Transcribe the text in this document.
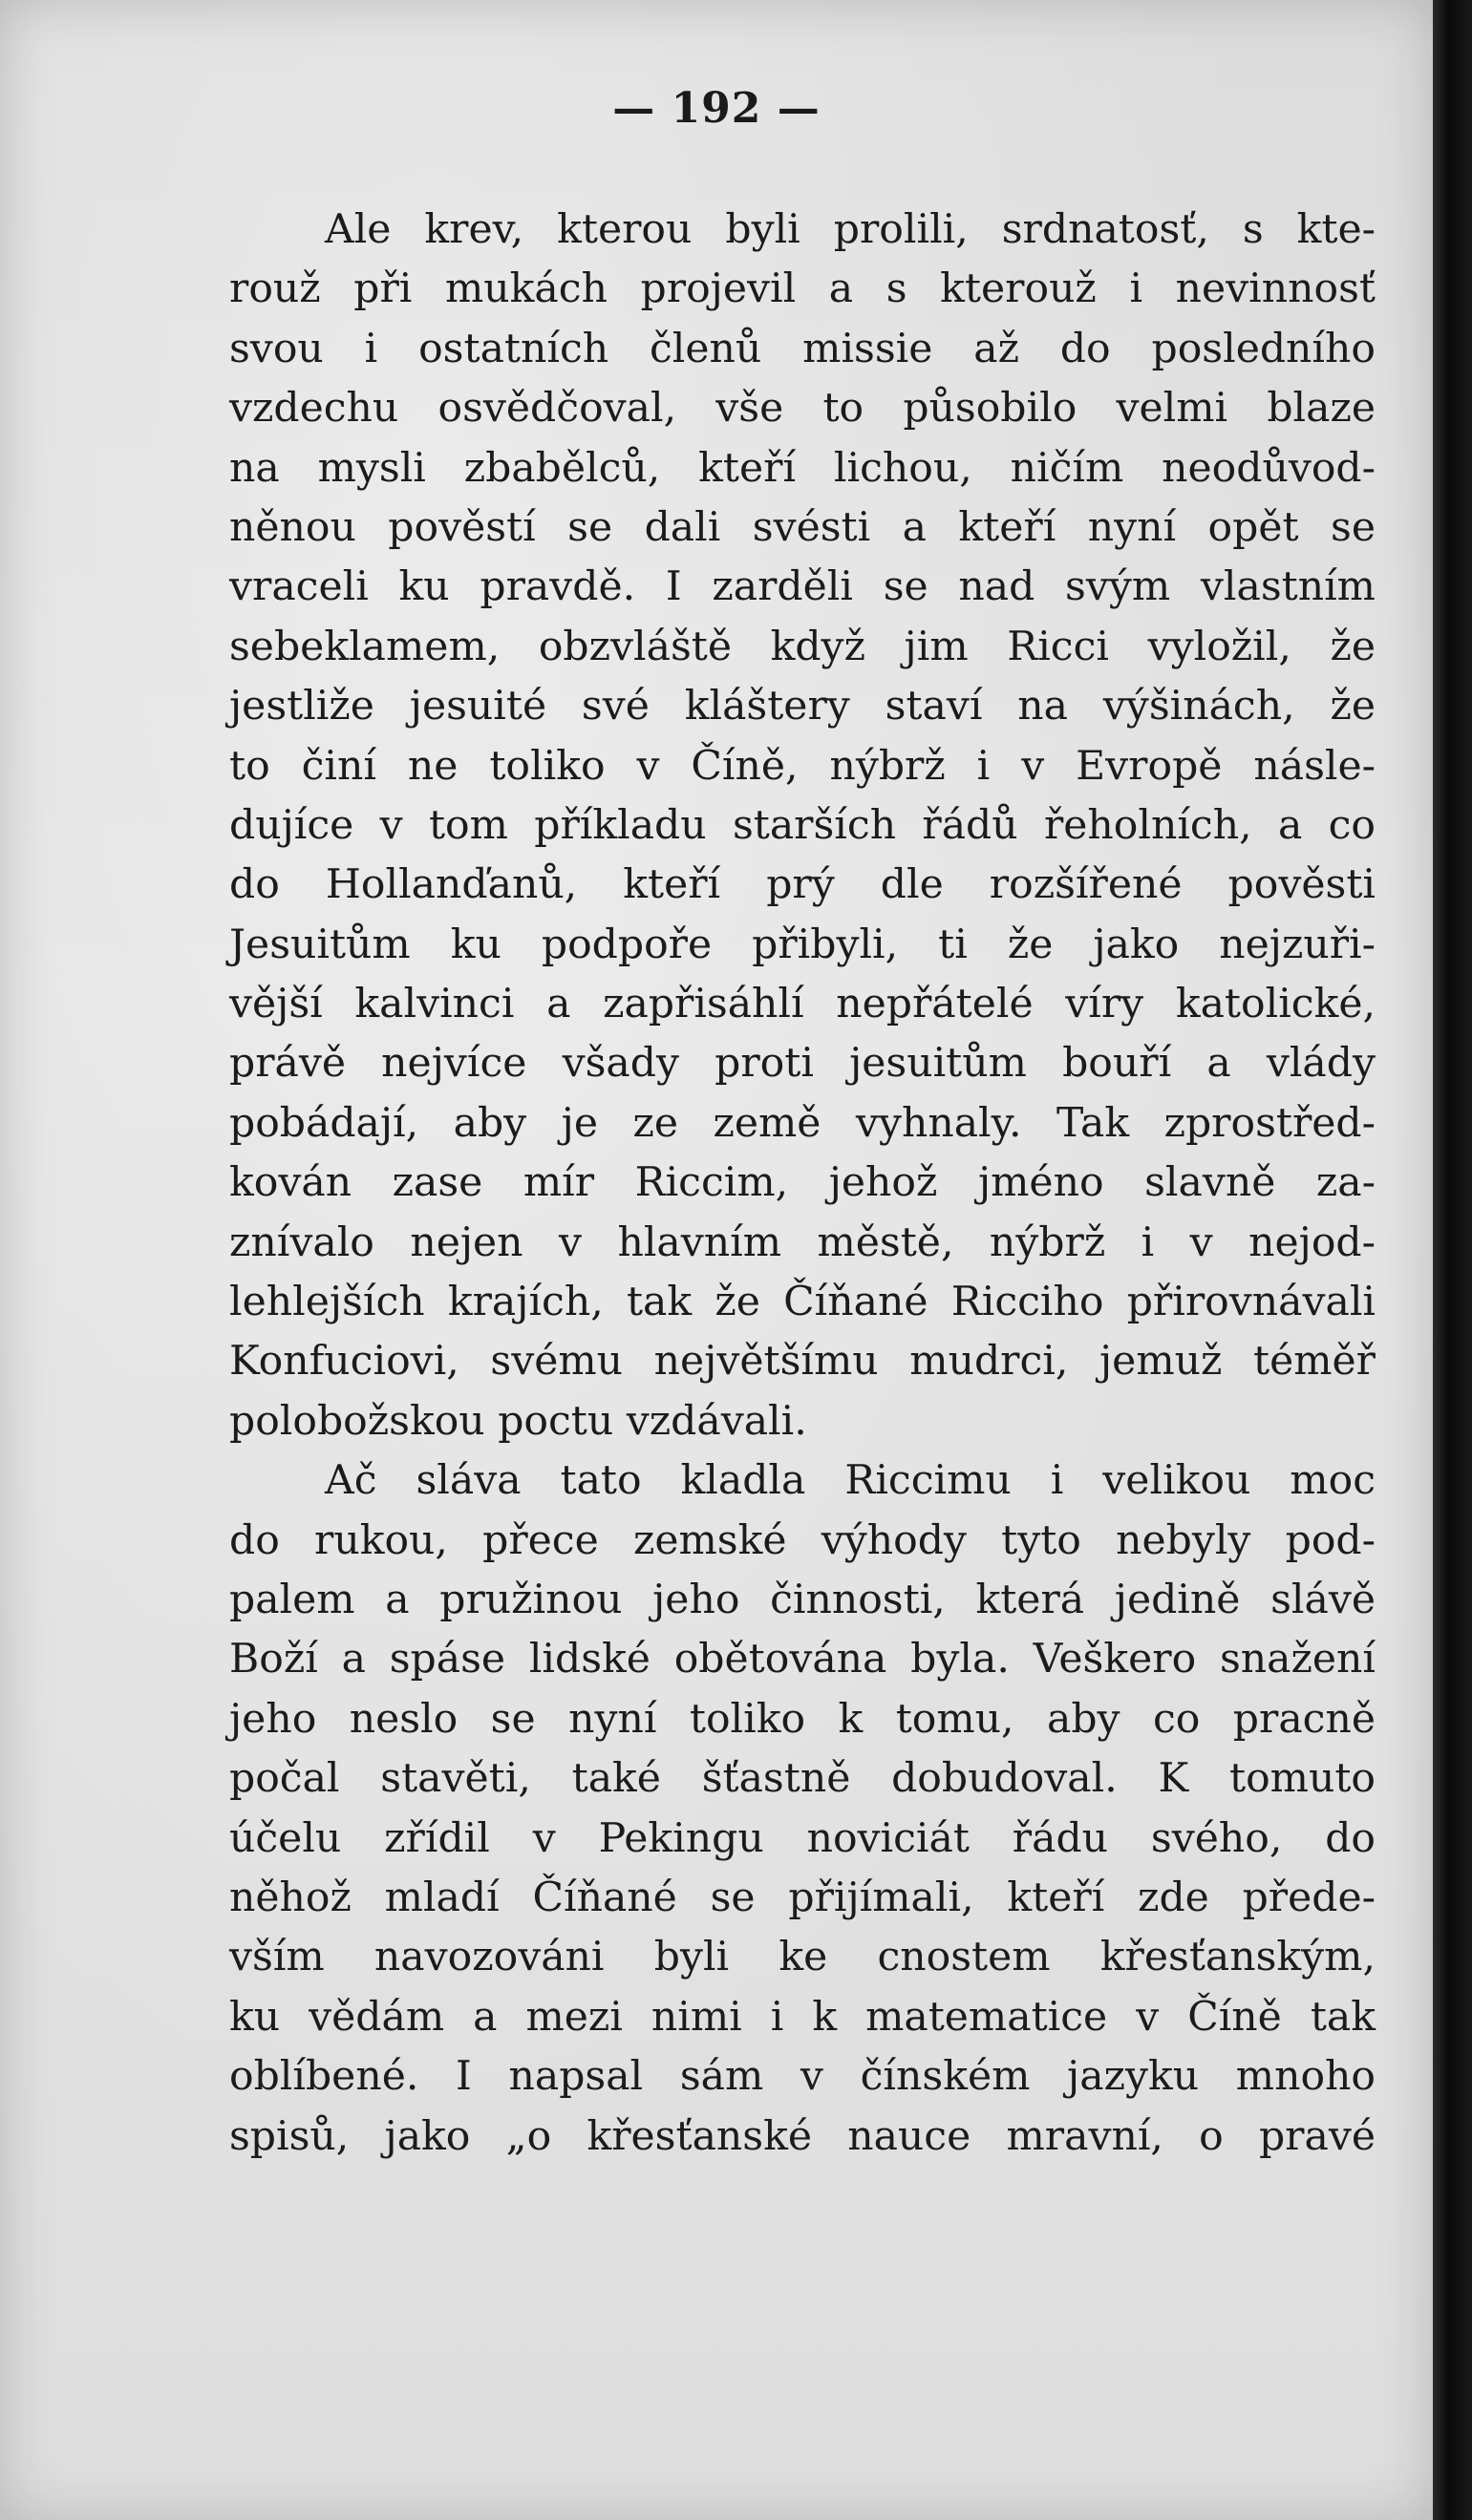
— 192 —
Ale krev, kterou byli prolili, srdnatosť, s kte-
rouž při mukách projevil a s kterouž i nevinnosť
svou i ostatních členů missie až do posledního
vzdechu osvědčoval, vše to působilo velmi blaze
na mysli zbabělců, kteří lichou, ničím neodůvod-
něnou pověstí se dali svésti a kteří nyní opět se
vraceli ku pravdě. I zarděli se nad svým vlastním
sebeklamem, obzvláště když jim Ricci vyložil, že
jestliže jesuité své kláštery staví na výšinách, že
to činí ne toliko v Číně, nýbrž i v Evropě násle-
dujíce v tom příkladu starších řádů řeholních, a co
do Hollanďanů, kteří prý dle rozšířené pověsti
Jesuitům ku podpoře přibyli, ti že jako nejzuři-
vější kalvinci a zapřisáhlí nepřátelé víry katolické,
právě nejvíce všady proti jesuitům bouří a vlády
pobádají, aby je ze země vyhnaly. Tak zprostřed-
kován zase mír Riccim, jehož jméno slavně za-
znívalo nejen v hlavním městě, nýbrž i v nejod-
lehlejších krajích, tak že Číňané Ricciho přirovnávali
Konfuciovi, svému největšímu mudrci, jemuž téměř
polobožskou poctu vzdávali.
Ač sláva tato kladla Riccimu i velikou moc
do rukou, přece zemské výhody tyto nebyly pod-
palem a pružinou jeho činnosti, která jedině slávě
Boží a spáse lidské obětována byla. Veškero snažení
jeho neslo se nyní toliko k tomu, aby co pracně
počal stavěti, také šťastně dobudoval. K tomuto
účelu zřídil v Pekingu noviciát řádu svého, do
něhož mladí Číňané se přijímali, kteří zde přede-
vším navozováni byli ke cnostem křesťanským,
ku vědám a mezi nimi i k matematice v Číně tak
oblíbené. I napsal sám v čínském jazyku mnoho
spisů, jako „o křesťanské nauce mravní, o pravé
